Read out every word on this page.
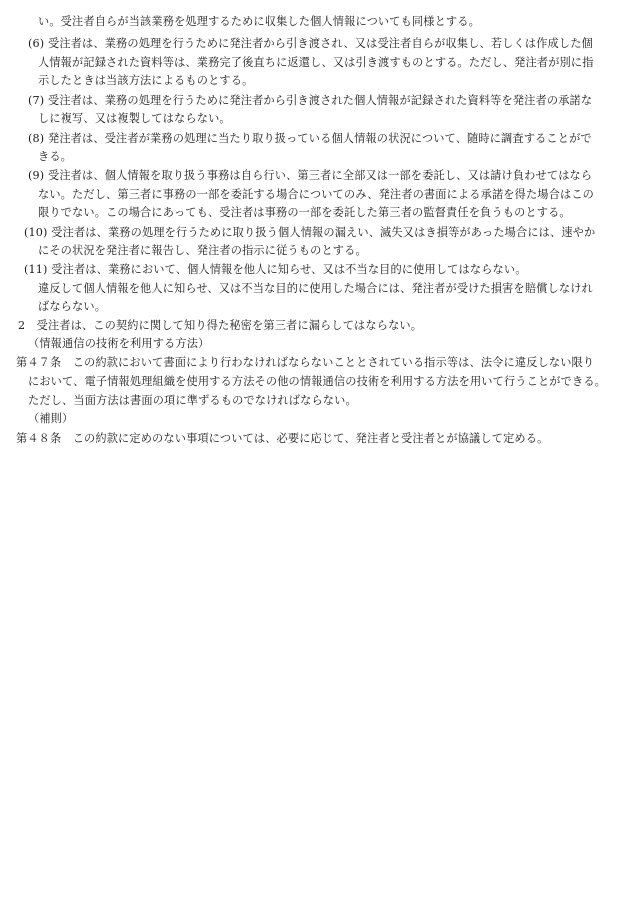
い。受注者自らが当該業務を処理するために収集した個人情報についても同様とする。
(6) 受注者は、業務の処理を行うために発注者から引き渡され、又は受注者自らが収集し、若しくは作成した個
人情報が記録された資料等は、業務完了後直ちに返還し、又は引き渡すものとする。ただし、発注者が別に指
示したときは当該方法によるものとする。
(7) 受注者は、業務の処理を行うために発注者から引き渡された個人情報が記録された資料等を発注者の承諾な
しに複写、又は複製してはならない。
(8) 発注者は、受注者が業務の処理に当たり取り扱っている個人情報の状況について、随時に調査することがで
きる。
(9) 受注者は、個人情報を取り扱う事務は自ら行い、第三者に全部又は一部を委託し、又は請け負わせてはなら
ない。ただし、第三者に事務の一部を委託する場合についてのみ、発注者の書面による承諾を得た場合はこの
限りでない。この場合にあっても、受注者は事務の一部を委託した第三者の監督責任を負うものとする。
(10) 受注者は、業務の処理を行うために取り扱う個人情報の漏えい、滅失又はき損等があった場合には、速やか
にその状況を発注者に報告し、発注者の指示に従うものとする。
(11) 受注者は、業務において、個人情報を他人に知らせ、又は不当な目的に使用してはならない。
違反して個人情報を他人に知らせ、又は不当な目的に使用した場合には、発注者が受けた損害を賠償しなけれ
ばならない。
2　受注者は、この契約に関して知り得た秘密を第三者に漏らしてはならない。
（情報通信の技術を利用する方法）
第４７条　この約款において書面により行わなければならないこととされている指示等は、法令に違反しない限り
において、電子情報処理組織を使用する方法その他の情報通信の技術を利用する方法を用いて行うことができる。
ただし、当面方法は書面の項に準ずるものでなければならない。
（補則）
第４８条　この約款に定めのない事項については、必要に応じて、発注者と受注者とが協議して定める。
